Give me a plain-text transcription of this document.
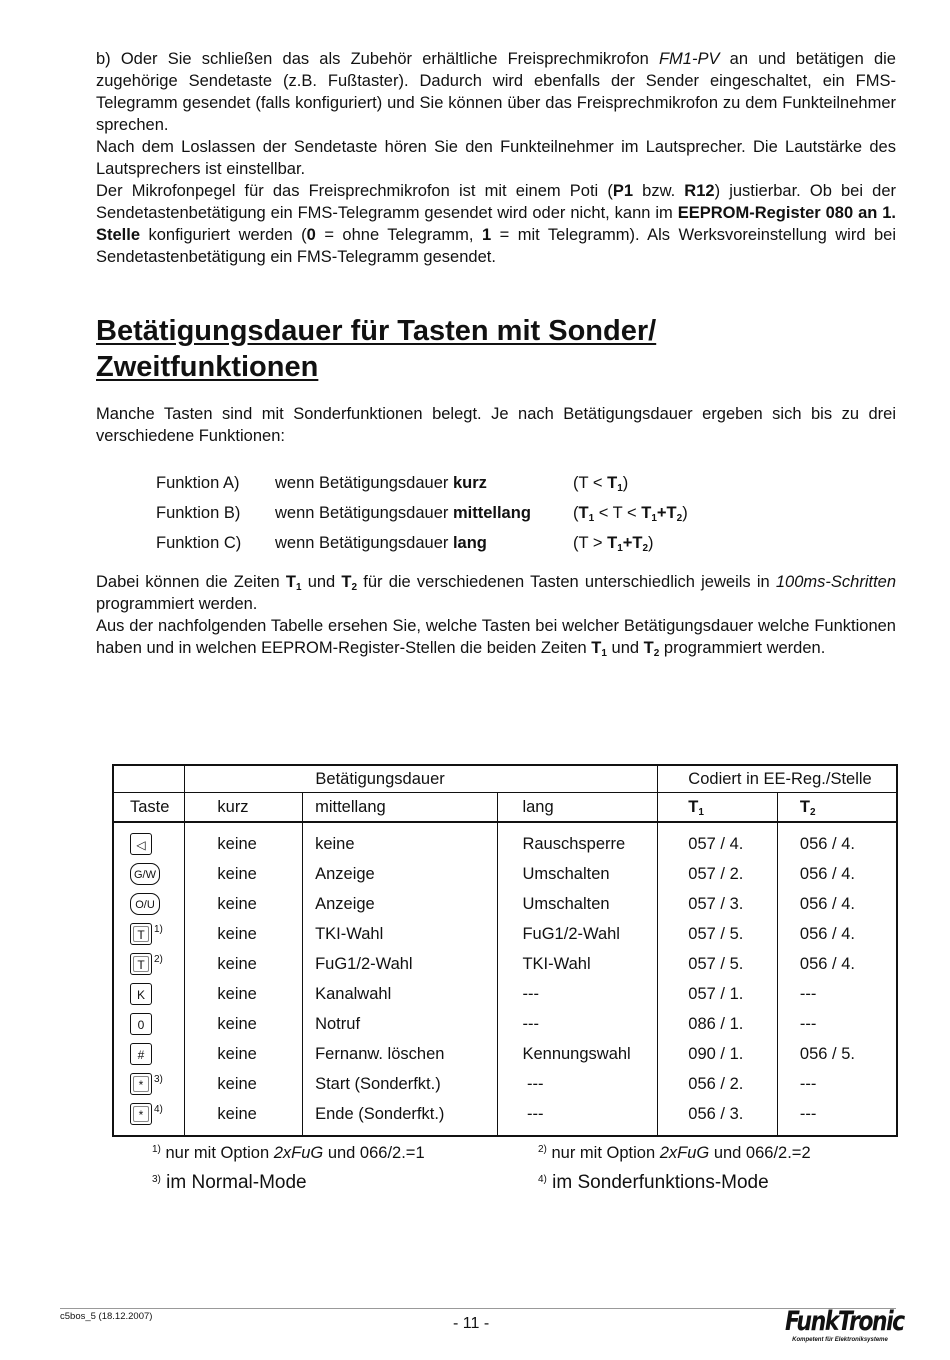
b) Oder Sie schließen das als Zubehör erhältliche Freisprechmikrofon FM1-PV an und betätigen die zugehörige Sendetaste (z.B. Fußtaster). Dadurch wird ebenfalls der Sender eingeschaltet, ein FMS-Telegramm gesendet (falls konfiguriert) und Sie können über das Freisprechmikrofon zu dem Funkteilnehmer sprechen.

Nach dem Loslassen der Sendetaste hören Sie den Funkteilnehmer im Lautsprecher. Die Lautstärke des Lautsprechers ist einstellbar.

Der Mikrofonpegel für das Freisprechmikrofon ist mit einem Poti (P1 bzw. R12) justierbar. Ob bei der Sendetastenbetätigung ein FMS-Telegramm gesendet wird oder nicht, kann im EEPROM-Register 080 an 1. Stelle konfiguriert werden (0 = ohne Telegramm, 1 = mit Telegramm). Als Werksvoreinstellung wird bei Sendetastenbetätigung ein FMS-Telegramm gesendet.

Betätigungsdauer für Tasten mit Sonder/
Zweitfunktionen

Manche Tasten sind mit Sonderfunktionen belegt. Je nach Betätigungsdauer ergeben sich bis zu drei verschiedene Funktionen:

Funktion A)	wenn Betätigungsdauer kurz	$(T < T_1)$
Funktion B)	wenn Betätigungsdauer mittellang	$(T_1 < T < T_1+T_2)$
Funktion C)	wenn Betätigungsdauer lang	$(T > T_1+T_2)$

Dabei können die Zeiten $T_1$ und $T_2$ für die verschiedenen Tasten unterschiedlich jeweils in 100ms-Schritten programmiert werden.

Aus der nachfolgenden Tabelle ersehen Sie, welche Tasten bei welcher Betätigungsdauer welche Funktionen haben und in welchen EEPROM-Register-Stellen die beiden Zeiten $T_1$ und $T_2$ programmiert werden.

	Betätigungsdauer			Codiert in EE-Reg./Stelle	
Taste	kurz	mittellang	lang	$T_1$	$T_2$

◁	keine	keine	Rauschsperre	057 / 4.	056 / 4.
G/W	keine	Anzeige	Umschalten	057 / 2.	056 / 4.
O/U	keine	Anzeige	Umschalten	057 / 3.	056 / 4.
T $^{1)}$	keine	TKI-Wahl	FuG1/2-Wahl	057 / 5.	056 / 4.
T $^{2)}$	keine	FuG1/2-Wahl	TKI-Wahl	057 / 5.	056 / 4.
K	keine	Kanalwahl	---	057 / 1.	---
0	keine	Notruf	---	086 / 1.	---
#	keine	Fernanw. löschen	Kennungswahl	090 / 1.	056 / 5.
* $^{3)}$	keine	Start (Sonderfkt.)	---	056 / 2.	---
* $^{4)}$	keine	Ende (Sonderfkt.)	---	056 / 3.	---

$^{1)}$ nur mit Option 2xFuG und 066/2.=1	$^{2)}$ nur mit Option 2xFuG und 066/2.=2
$^{3)}$ im Normal-Mode	$^{4)}$ im Sonderfunktions-Mode
c5bos_5 (18.12.2007)	- 11 -	FunkTronic
Kompetent für Elektroniksysteme
